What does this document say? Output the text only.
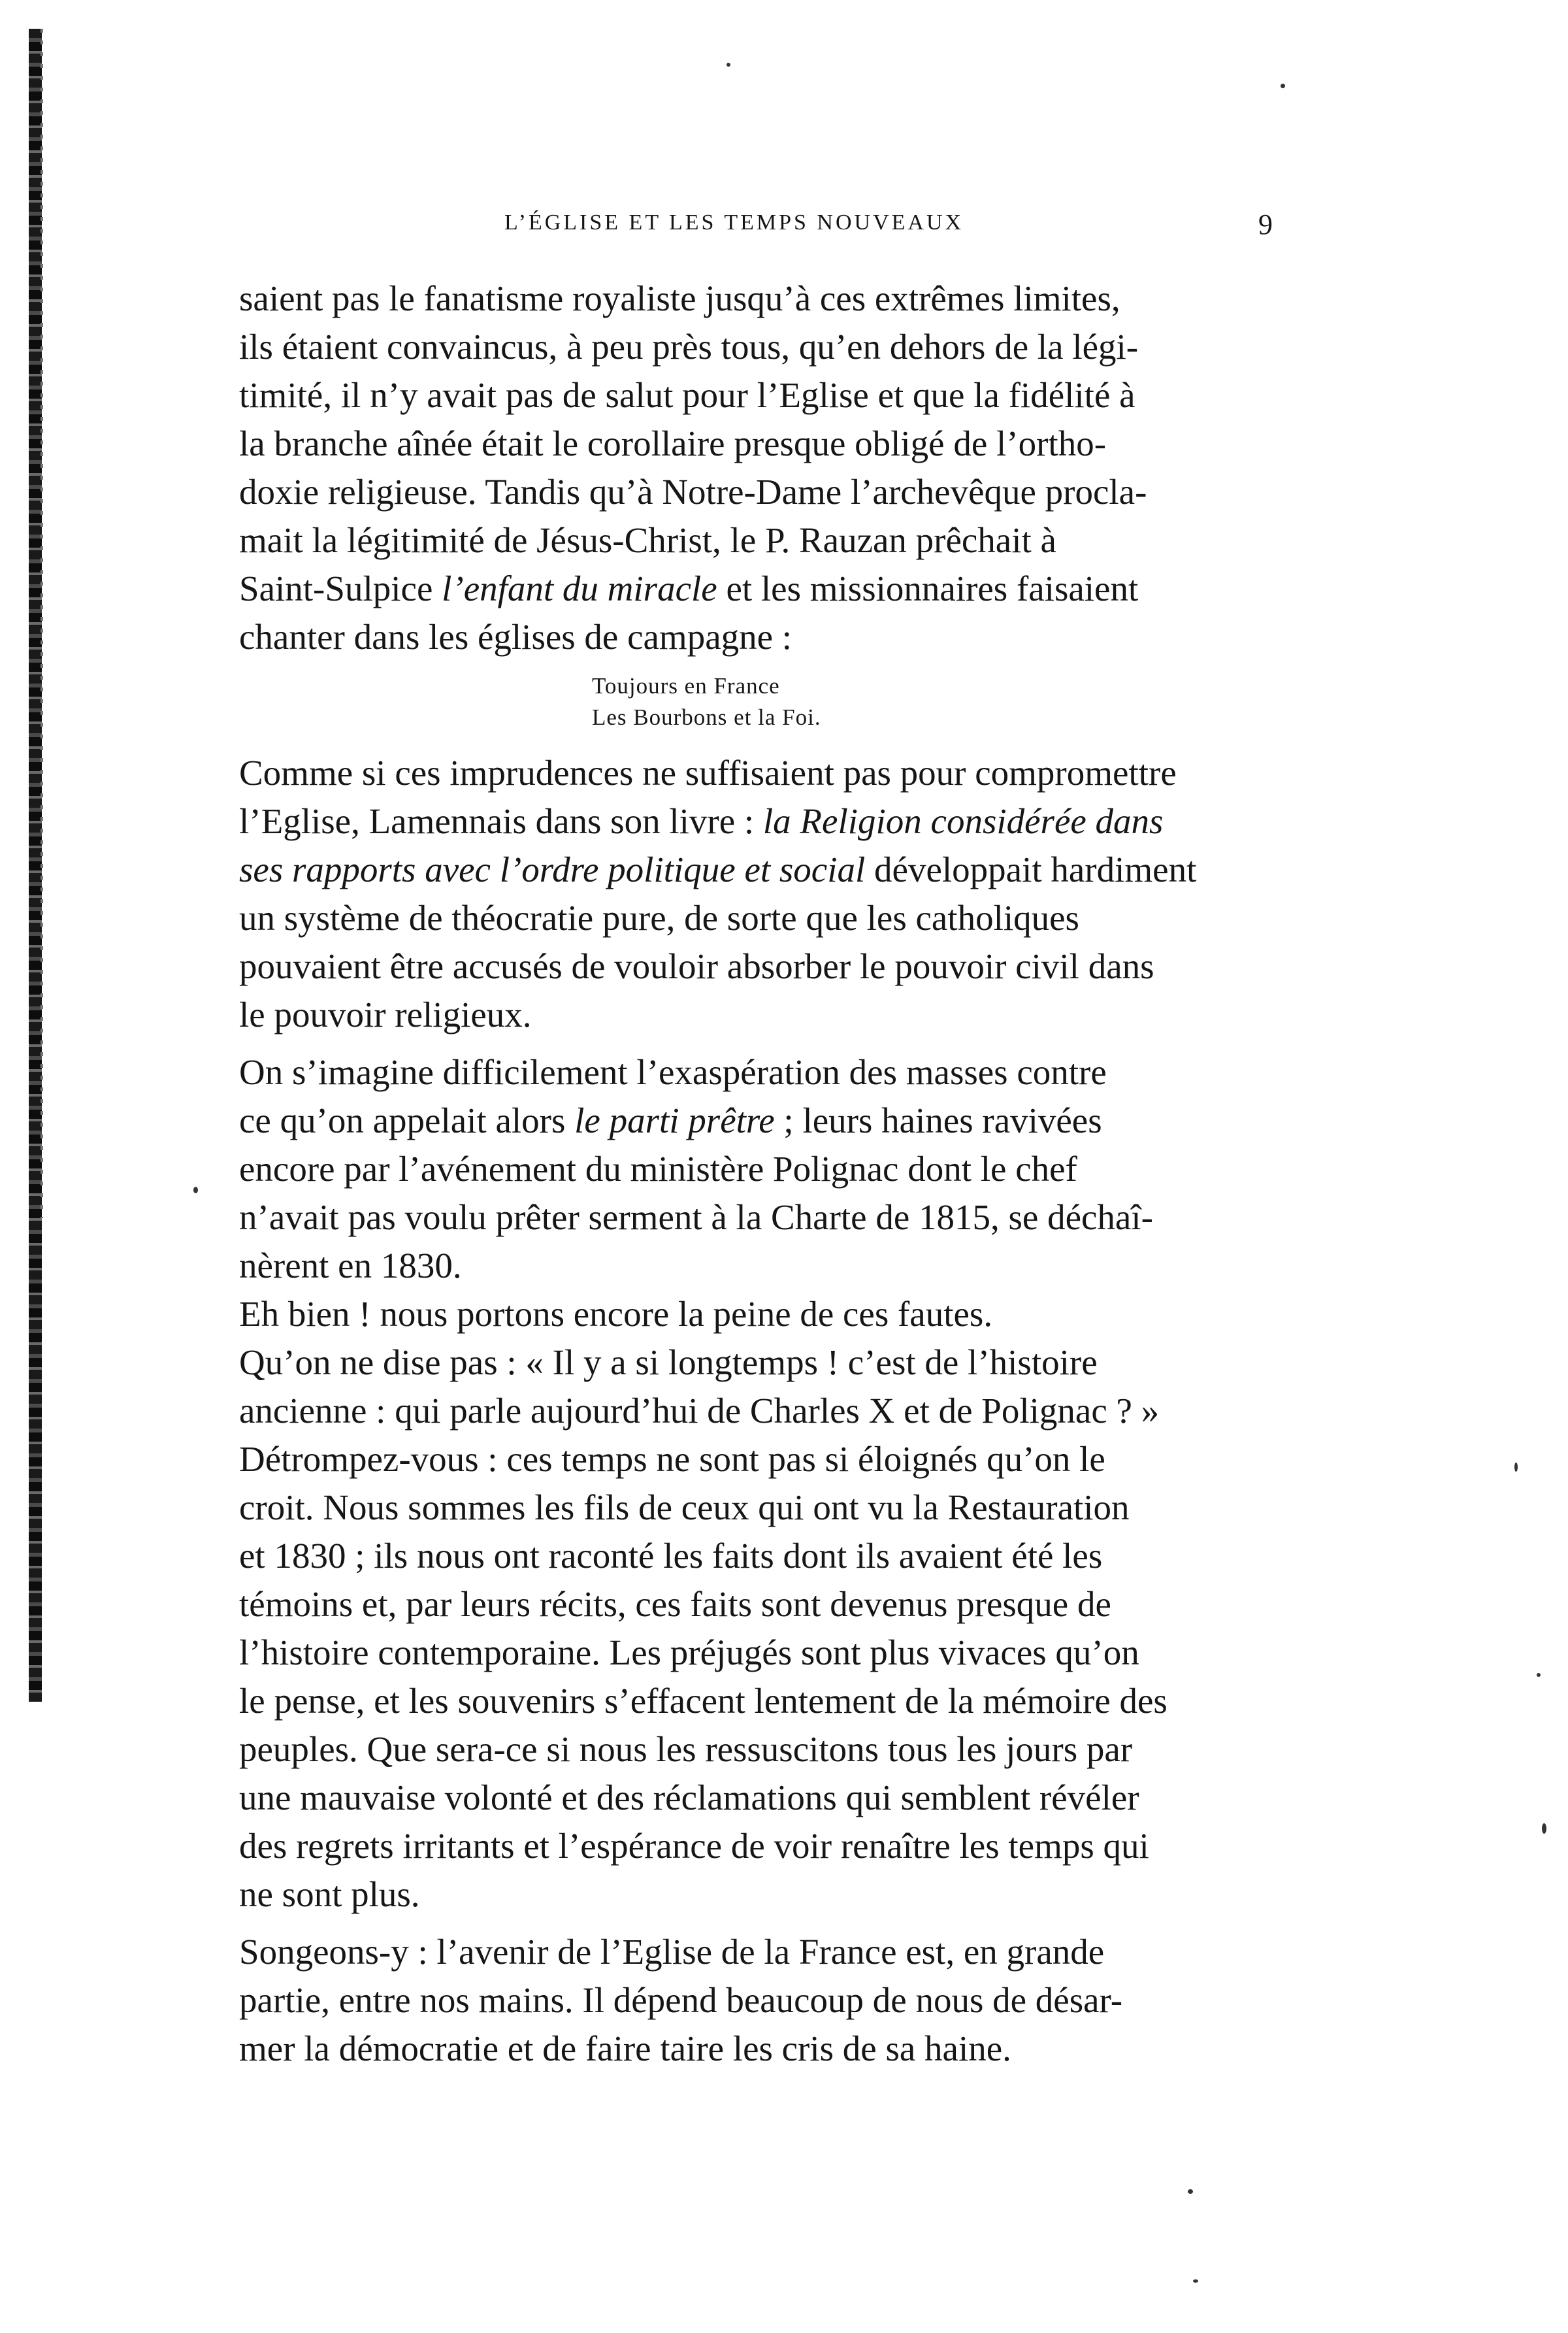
L’ÉGLISE ET LES TEMPS NOUVEAUX	9
saient pas le fanatisme royaliste jusqu’à ces extrêmes limites,
ils étaient convaincus, à peu près tous, qu’en dehors de la légi-
timité, il n’y avait pas de salut pour l’Eglise et que la fidélité à
la branche aînée était le corollaire presque obligé de l’ortho-
doxie religieuse. Tandis qu’à Notre-Dame l’archevêque procla-
mait la légitimité de Jésus-Christ, le P. Rauzan prêchait à
Saint-Sulpice l’enfant du miracle et les missionnaires faisaient
chanter dans les églises de campagne :
Toujours en France
Les Bourbons et la Foi.
Comme si ces imprudences ne suffisaient pas pour compromettre
l’Eglise, Lamennais dans son livre : la Religion considérée dans
ses rapports avec l’ordre politique et social développait hardiment
un système de théocratie pure, de sorte que les catholiques
pouvaient être accusés de vouloir absorber le pouvoir civil dans
le pouvoir religieux.
On s’imagine difficilement l’exaspération des masses contre
ce qu’on appelait alors le parti prêtre ; leurs haines ravivées
encore par l’avénement du ministère Polignac dont le chef
n’avait pas voulu prêter serment à la Charte de 1815, se déchaî-
nèrent en 1830.
Eh bien ! nous portons encore la peine de ces fautes.
Qu’on ne dise pas : « Il y a si longtemps ! c’est de l’histoire
ancienne : qui parle aujourd’hui de Charles X et de Polignac ? »
Détrompez-vous : ces temps ne sont pas si éloignés qu’on le
croit. Nous sommes les fils de ceux qui ont vu la Restauration
et 1830 ; ils nous ont raconté les faits dont ils avaient été les
témoins et, par leurs récits, ces faits sont devenus presque de
l’histoire contemporaine. Les préjugés sont plus vivaces qu’on
le pense, et les souvenirs s’effacent lentement de la mémoire des
peuples. Que sera-ce si nous les ressuscitons tous les jours par
une mauvaise volonté et des réclamations qui semblent révéler
des regrets irritants et l’espérance de voir renaître les temps qui
ne sont plus.
Songeons-y : l’avenir de l’Eglise de la France est, en grande
partie, entre nos mains. Il dépend beaucoup de nous de désar-
mer la démocratie et de faire taire les cris de sa haine.
